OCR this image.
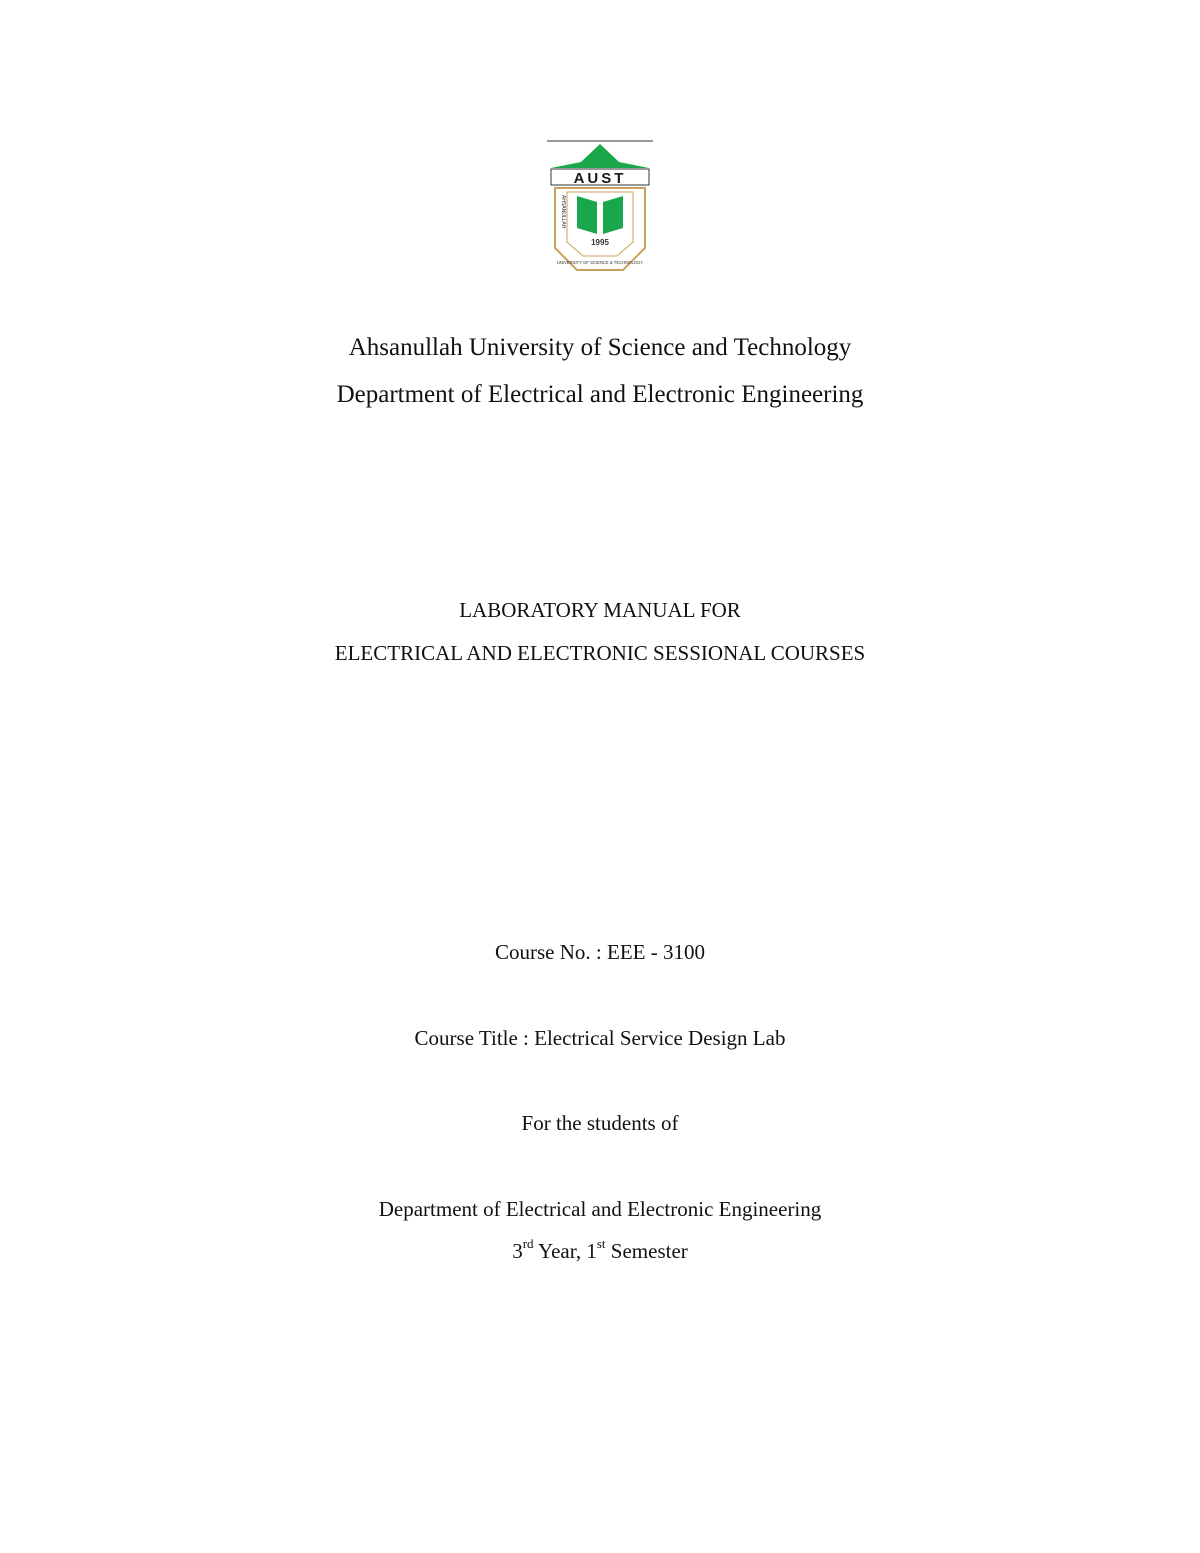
AUST
AHSANULLAH
1995
UNIVERSITY OF SCIENCE & TECHNOLOGY
Ahsanullah University of Science and Technology
Department of Electrical and Electronic Engineering
LABORATORY MANUAL FOR
ELECTRICAL AND ELECTRONIC SESSIONAL COURSES
Course No. : EEE - 3100
Course Title : Electrical Service Design Lab
For the students of
Department of Electrical and Electronic Engineering
3rd Year, 1st Semester
